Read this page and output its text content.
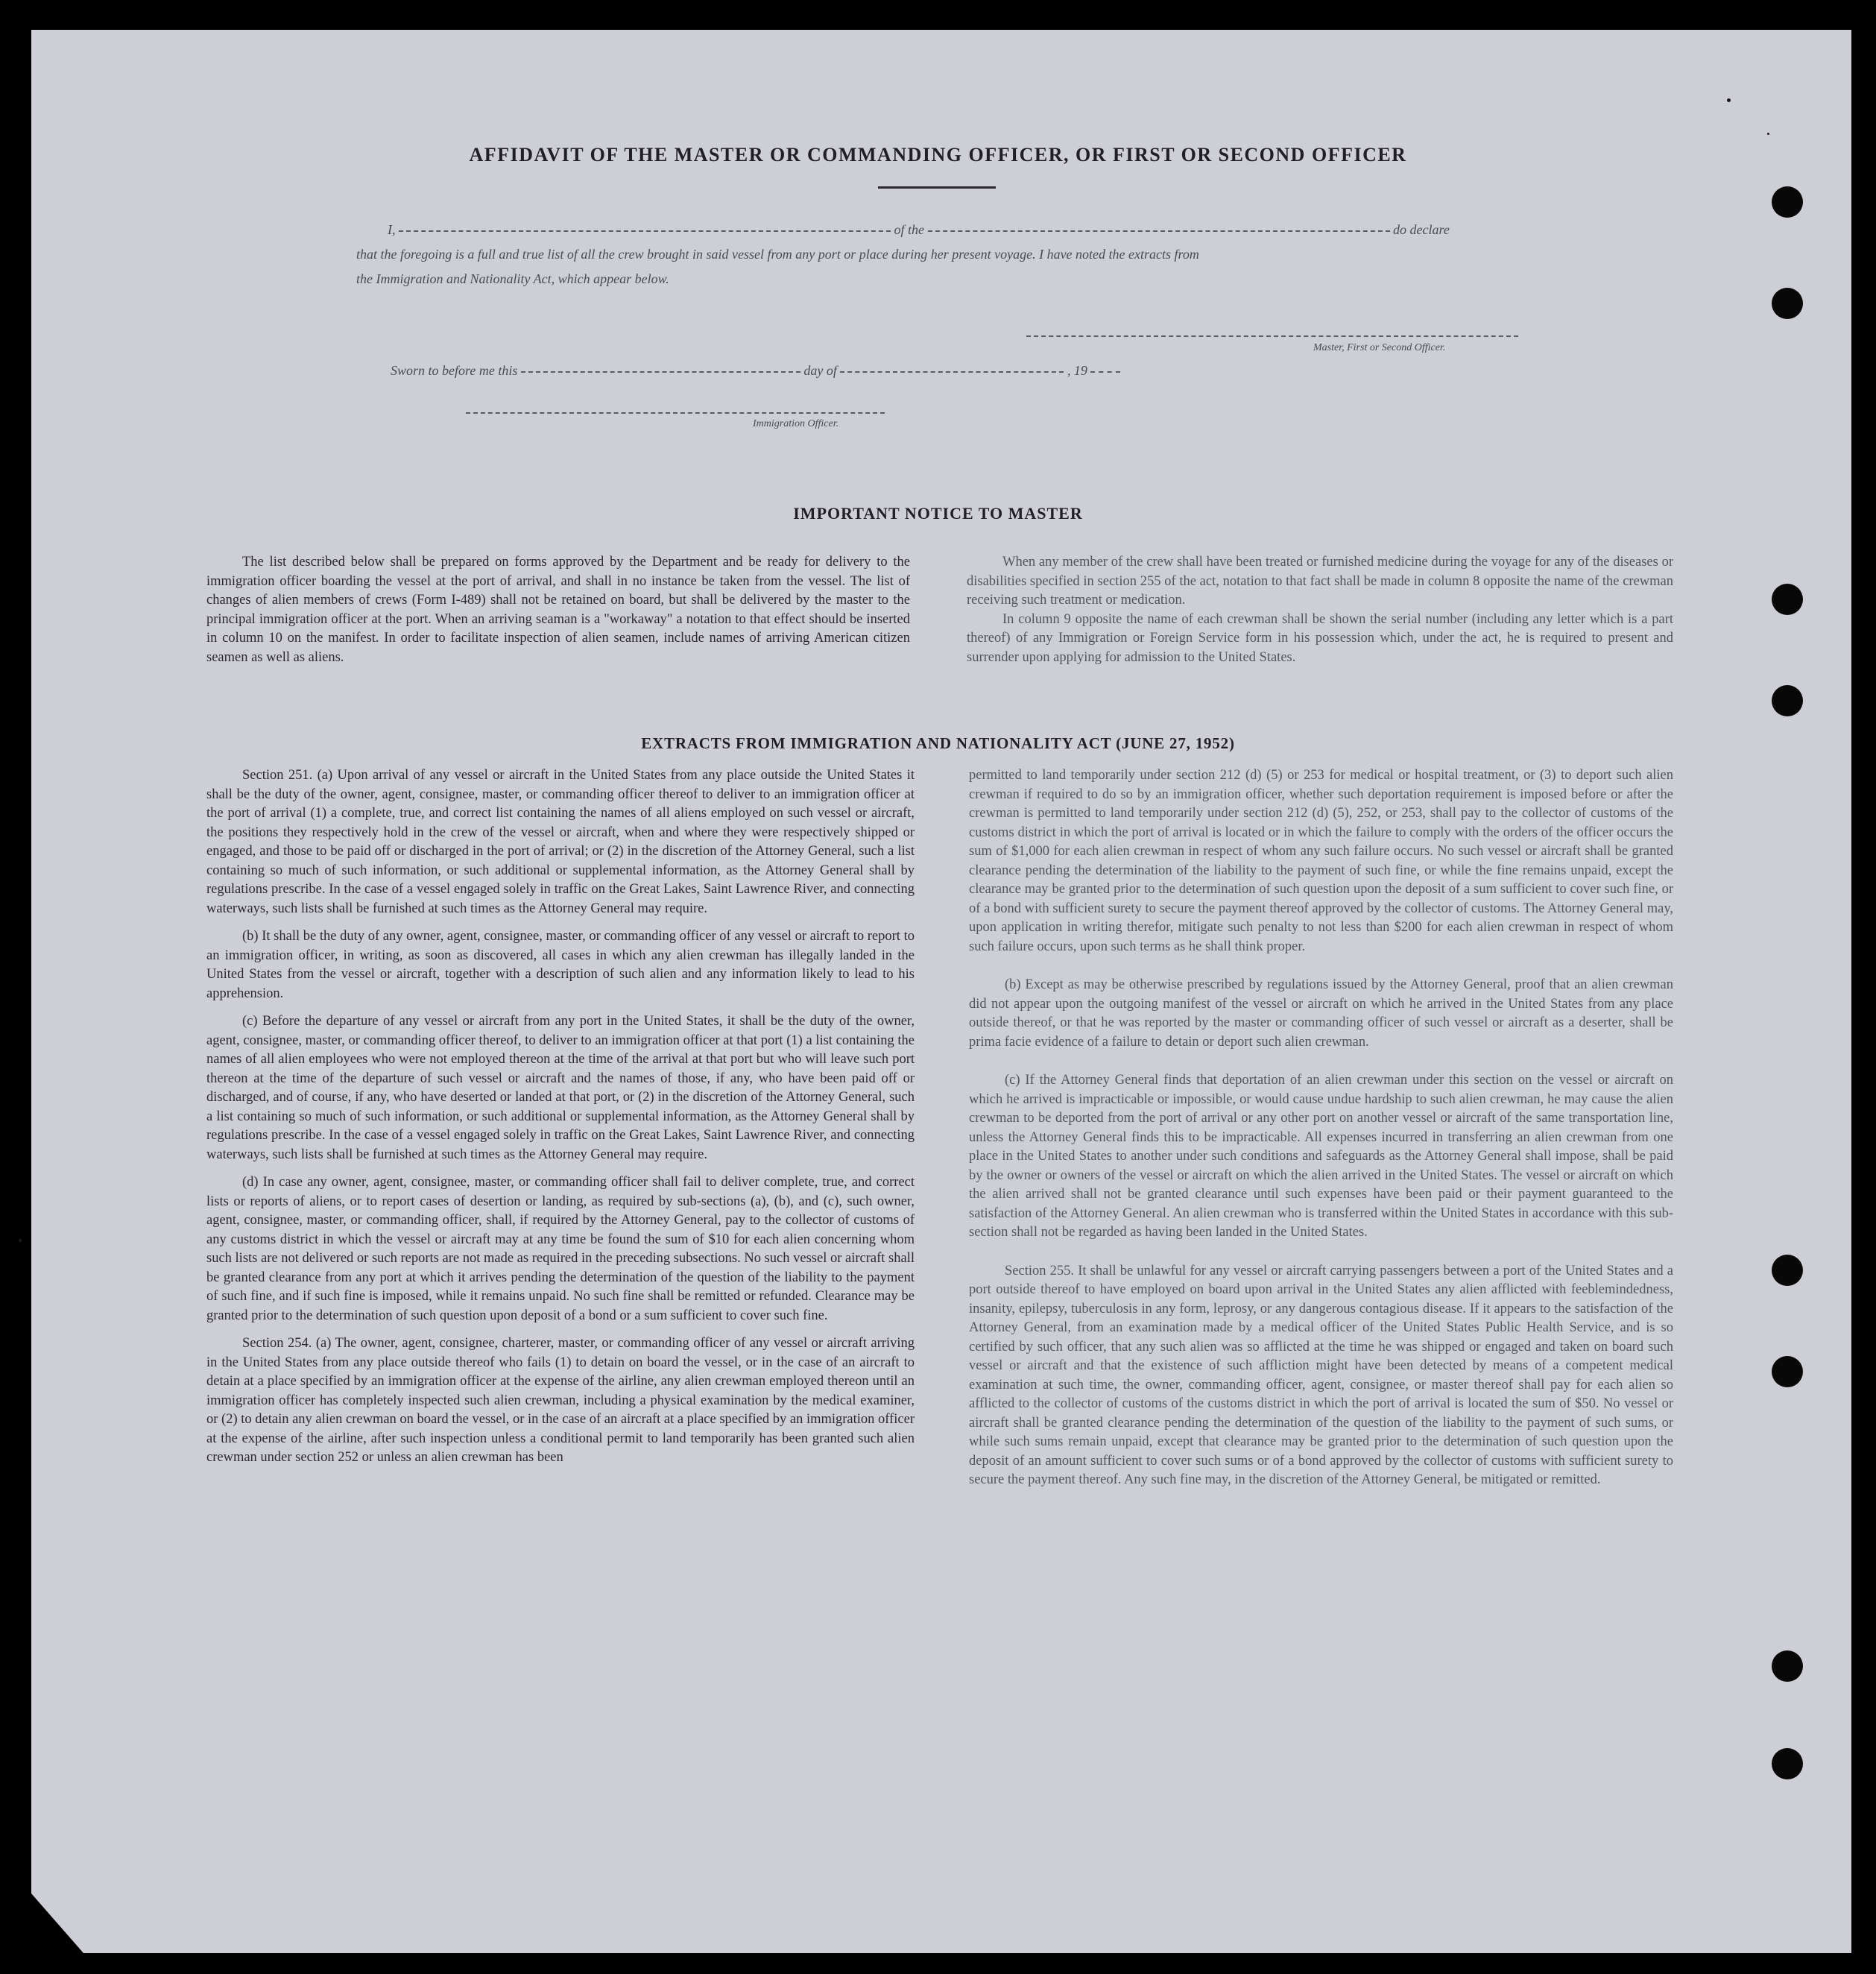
AFFIDAVIT OF THE MASTER OR COMMANDING OFFICER, OR FIRST OR SECOND OFFICER
I,	of the	do declare
that the foregoing is a full and true list of all the crew brought in said vessel from any port or place during her present voyage. I have noted the extracts from
the Immigration and Nationality Act, which appear below.
Master, First or Second Officer.
Sworn to before me this	day of	, 19
Immigration Officer.
IMPORTANT NOTICE TO MASTER

The list described below shall be prepared on forms approved by the Department and be ready for delivery to the immigration officer boarding the vessel at the port of arrival, and shall in no instance be taken from the vessel. The list of changes of alien members of crews (Form I-489) shall not be retained on board, but shall be delivered by the master to the principal immigration officer at the port. When an arriving seaman is a "workaway" a notation to that effect should be inserted in column 10 on the manifest. In order to facilitate inspection of alien seamen, include names of arriving American citizen seamen as well as aliens.

When any member of the crew shall have been treated or furnished medicine during the voyage for any of the diseases or disabilities specified in section 255 of the act, notation to that fact shall be made in column 8 opposite the name of the crewman receiving such treatment or medication.

In column 9 opposite the name of each crewman shall be shown the serial number (including any letter which is a part thereof) of any Immigration or Foreign Service form in his possession which, under the act, he is required to present and surrender upon applying for admission to the United States.

EXTRACTS FROM IMMIGRATION AND NATIONALITY ACT (JUNE 27, 1952)

Section 251. (a) Upon arrival of any vessel or aircraft in the United States from any place outside the United States it shall be the duty of the owner, agent, consignee, master, or commanding officer thereof to deliver to an immigration officer at the port of arrival (1) a complete, true, and correct list containing the names of all aliens employed on such vessel or aircraft, the positions they respectively hold in the crew of the vessel or aircraft, when and where they were respectively shipped or engaged, and those to be paid off or discharged in the port of arrival; or (2) in the discretion of the Attorney General, such a list containing so much of such information, or such additional or supplemental information, as the Attorney General shall by regulations prescribe. In the case of a vessel engaged solely in traffic on the Great Lakes, Saint Lawrence River, and connecting waterways, such lists shall be furnished at such times as the Attorney General may require.

(b) It shall be the duty of any owner, agent, consignee, master, or commanding officer of any vessel or aircraft to report to an immigration officer, in writing, as soon as discovered, all cases in which any alien crewman has illegally landed in the United States from the vessel or aircraft, together with a description of such alien and any information likely to lead to his apprehension.

(c) Before the departure of any vessel or aircraft from any port in the United States, it shall be the duty of the owner, agent, consignee, master, or commanding officer thereof, to deliver to an immigration officer at that port (1) a list containing the names of all alien employees who were not employed thereon at the time of the arrival at that port but who will leave such port thereon at the time of the departure of such vessel or aircraft and the names of those, if any, who have been paid off or discharged, and of course, if any, who have deserted or landed at that port, or (2) in the discretion of the Attorney General, such a list containing so much of such information, or such additional or supplemental information, as the Attorney General shall by regulations prescribe. In the case of a vessel engaged solely in traffic on the Great Lakes, Saint Lawrence River, and connecting waterways, such lists shall be furnished at such times as the Attorney General may require.

(d) In case any owner, agent, consignee, master, or commanding officer shall fail to deliver complete, true, and correct lists or reports of aliens, or to report cases of desertion or landing, as required by sub-sections (a), (b), and (c), such owner, agent, consignee, master, or commanding officer, shall, if required by the Attorney General, pay to the collector of customs of any customs district in which the vessel or aircraft may at any time be found the sum of $10 for each alien concerning whom such lists are not delivered or such reports are not made as required in the preceding subsections. No such vessel or aircraft shall be granted clearance from any port at which it arrives pending the determination of the question of the liability to the payment of such fine, and if such fine is imposed, while it remains unpaid. No such fine shall be remitted or refunded. Clearance may be granted prior to the determination of such question upon deposit of a bond or a sum sufficient to cover such fine.

Section 254. (a) The owner, agent, consignee, charterer, master, or commanding officer of any vessel or aircraft arriving in the United States from any place outside thereof who fails (1) to detain on board the vessel, or in the case of an aircraft to detain at a place specified by an immigration officer at the expense of the airline, any alien crewman employed thereon until an immigration officer has completely inspected such alien crewman, including a physical examination by the medical examiner, or (2) to detain any alien crewman on board the vessel, or in the case of an aircraft at a place specified by an immigration officer at the expense of the airline, after such inspection unless a conditional permit to land temporarily has been granted such alien crewman under section 252 or unless an alien crewman has been

permitted to land temporarily under section 212 (d) (5) or 253 for medical or hospital treatment, or (3) to deport such alien crewman if required to do so by an immigration officer, whether such deportation requirement is imposed before or after the crewman is permitted to land temporarily under section 212 (d) (5), 252, or 253, shall pay to the collector of customs of the customs district in which the port of arrival is located or in which the failure to comply with the orders of the officer occurs the sum of $1,000 for each alien crewman in respect of whom any such failure occurs. No such vessel or aircraft shall be granted clearance pending the determination of the liability to the payment of such fine, or while the fine remains unpaid, except the clearance may be granted prior to the determination of such question upon the deposit of a sum sufficient to cover such fine, or of a bond with sufficient surety to secure the payment thereof approved by the collector of customs. The Attorney General may, upon application in writing therefor, mitigate such penalty to not less than $200 for each alien crewman in respect of whom such failure occurs, upon such terms as he shall think proper.

(b) Except as may be otherwise prescribed by regulations issued by the Attorney General, proof that an alien crewman did not appear upon the outgoing manifest of the vessel or aircraft on which he arrived in the United States from any place outside thereof, or that he was reported by the master or commanding officer of such vessel or aircraft as a deserter, shall be prima facie evidence of a failure to detain or deport such alien crewman.

(c) If the Attorney General finds that deportation of an alien crewman under this section on the vessel or aircraft on which he arrived is impracticable or impossible, or would cause undue hardship to such alien crewman, he may cause the alien crewman to be deported from the port of arrival or any other port on another vessel or aircraft of the same transportation line, unless the Attorney General finds this to be impracticable. All expenses incurred in transferring an alien crewman from one place in the United States to another under such conditions and safeguards as the Attorney General shall impose, shall be paid by the owner or owners of the vessel or aircraft on which the alien arrived in the United States. The vessel or aircraft on which the alien arrived shall not be granted clearance until such expenses have been paid or their payment guaranteed to the satisfaction of the Attorney General. An alien crewman who is transferred within the United States in accordance with this sub-section shall not be regarded as having been landed in the United States.

Section 255. It shall be unlawful for any vessel or aircraft carrying passengers between a port of the United States and a port outside thereof to have employed on board upon arrival in the United States any alien afflicted with feeblemindedness, insanity, epilepsy, tuberculosis in any form, leprosy, or any dangerous contagious disease. If it appears to the satisfaction of the Attorney General, from an examination made by a medical officer of the United States Public Health Service, and is so certified by such officer, that any such alien was so afflicted at the time he was shipped or engaged and taken on board such vessel or aircraft and that the existence of such affliction might have been detected by means of a competent medical examination at such time, the owner, commanding officer, agent, consignee, or master thereof shall pay for each alien so afflicted to the collector of customs of the customs district in which the port of arrival is located the sum of $50. No vessel or aircraft shall be granted clearance pending the determination of the question of the liability to the payment of such sums, or while such sums remain unpaid, except that clearance may be granted prior to the determination of such question upon the deposit of an amount sufficient to cover such sums or of a bond approved by the collector of customs with sufficient surety to secure the payment thereof. Any such fine may, in the discretion of the Attorney General, be mitigated or remitted.
